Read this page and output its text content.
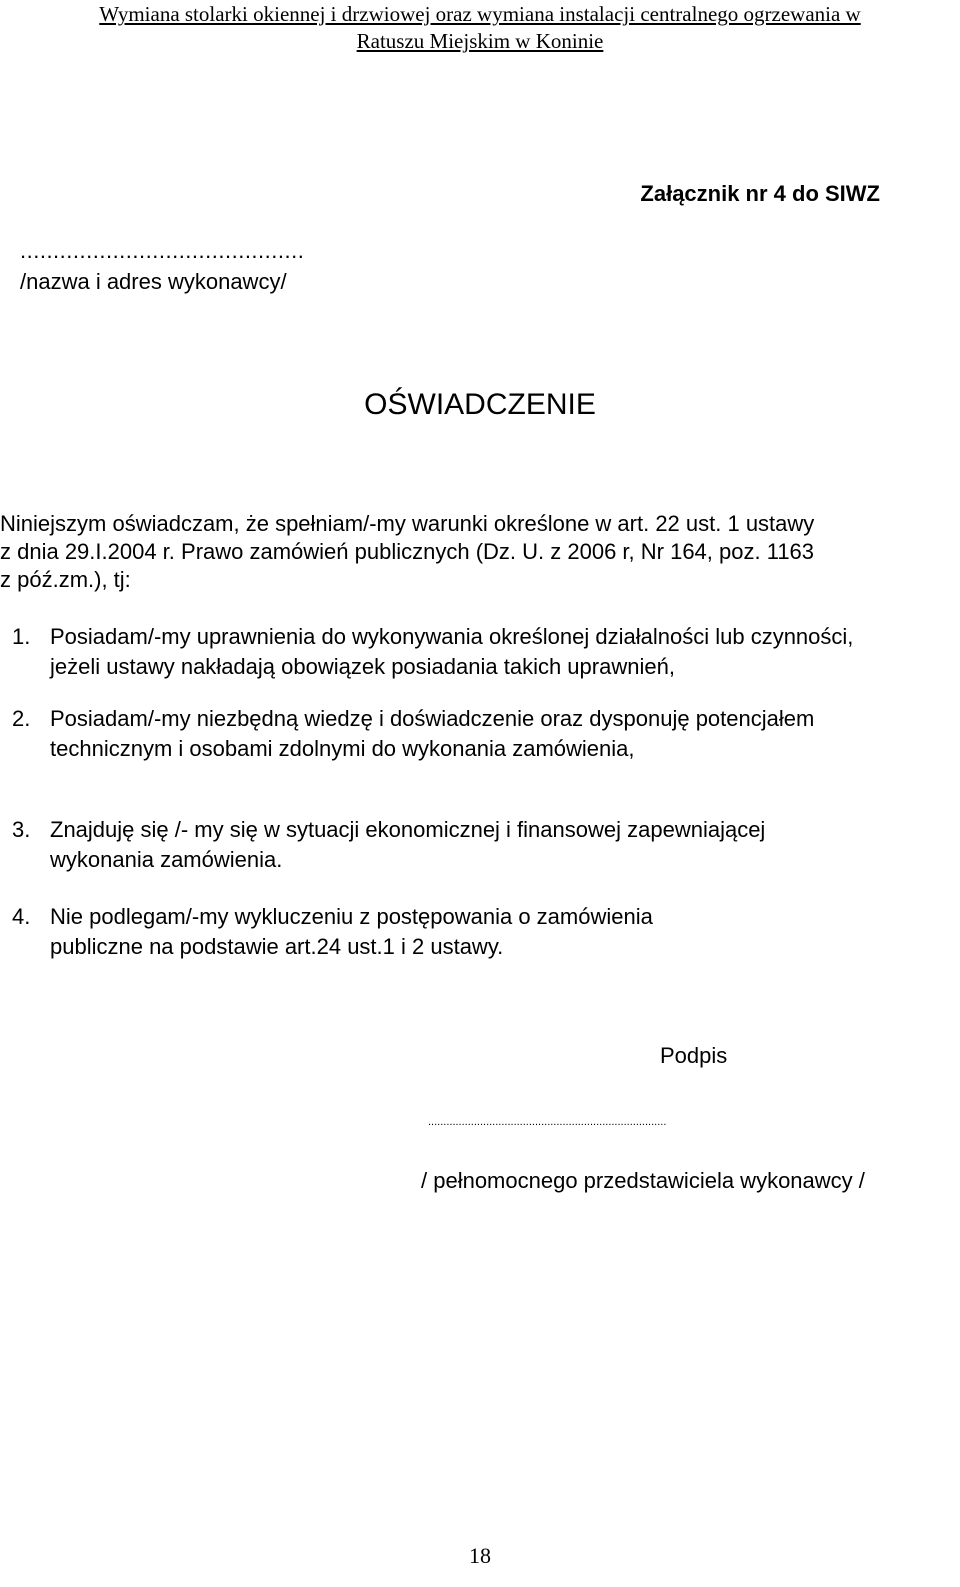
Wymiana stolarki okiennej i drzwiowej oraz wymiana instalacji centralnego ogrzewania w
Ratuszu Miejskim w Koninie
Załącznik nr 4 do SIWZ
...........................................
/nazwa i adres wykonawcy/
OŚWIADCZENIE
Niniejszym oświadczam, że spełniam/-my warunki określone w art. 22 ust. 1 ustawy
z dnia 29.I.2004 r. Prawo zamówień publicznych (Dz. U. z 2006 r, Nr 164, poz. 1163
z póź.zm.), tj:
1. Posiadam/-my uprawnienia do wykonywania określonej działalności lub czynności,
jeżeli ustawy nakładają obowiązek posiadania takich uprawnień,
2. Posiadam/-my niezbędną wiedzę i doświadczenie oraz dysponuję potencjałem
technicznym i osobami zdolnymi do wykonania zamówienia,
3. Znajduję się /- my się w sytuacji ekonomicznej i finansowej zapewniającej
wykonania zamówienia.
4. Nie podlegam/-my wykluczeniu z postępowania o zamówienia
publiczne na podstawie art.24 ust.1 i 2 ustawy.
Podpis
..............................................................................
/ pełnomocnego przedstawiciela wykonawcy /
18
